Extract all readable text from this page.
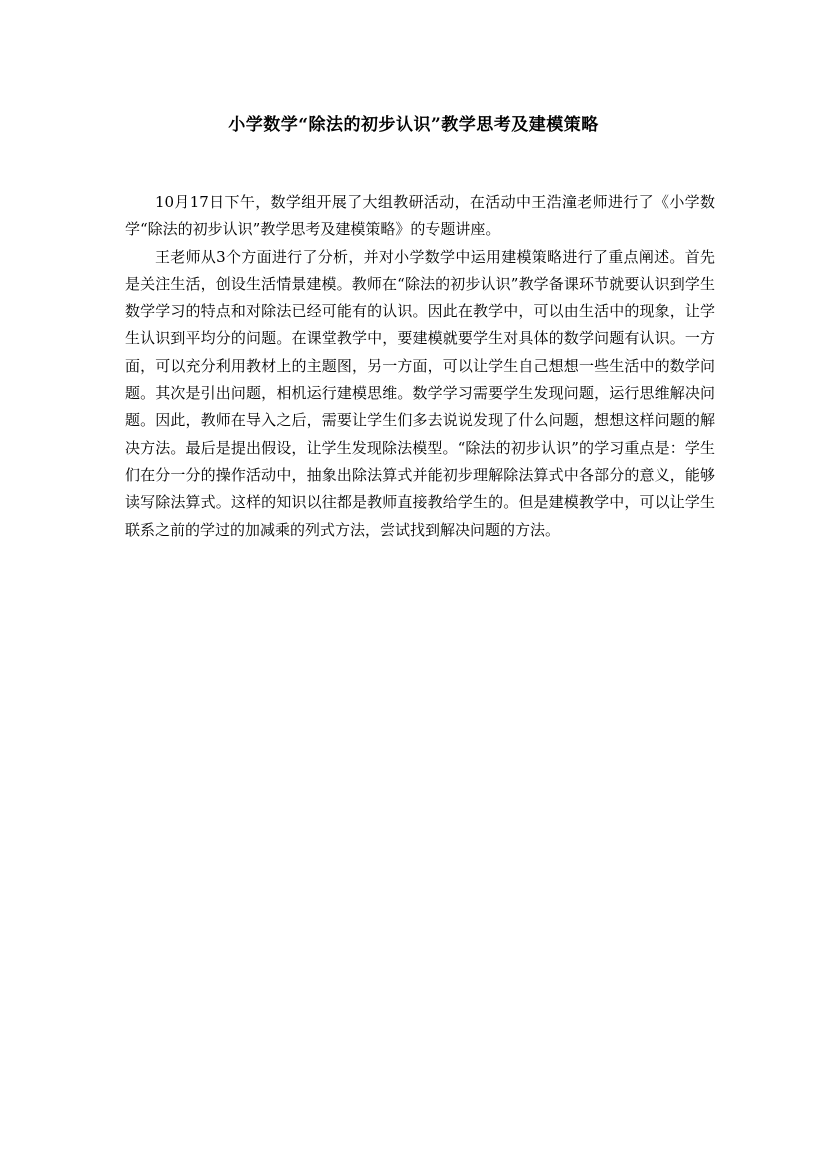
小学数学“除法的初步认识”教学思考及建模策略

10月17日下午，数学组开展了大组教研活动，在活动中王浩潼老师进行了《小学数学“除法的初步认识”教学思考及建模策略》的专题讲座。

王老师从3个方面进行了分析，并对小学数学中运用建模策略进行了重点阐述。首先是关注生活，创设生活情景建模。教师在“除法的初步认识”教学备课环节就要认识到学生数学学习的特点和对除法已经可能有的认识。因此在教学中，可以由生活中的现象，让学生认识到平均分的问题。在课堂教学中，要建模就要学生对具体的数学问题有认识。一方面，可以充分利用教材上的主题图，另一方面，可以让学生自己想想一些生活中的数学问题。其次是引出问题，相机运行建模思维。数学学习需要学生发现问题，运行思维解决问题。因此，教师在导入之后，需要让学生们多去说说发现了什么问题，想想这样问题的解决方法。最后是提出假设，让学生发现除法模型。“除法的初步认识”的学习重点是：学生们在分一分的操作活动中，抽象出除法算式并能初步理解除法算式中各部分的意义，能够读写除法算式。这样的知识以往都是教师直接教给学生的。但是建模教学中，可以让学生联系之前的学过的加减乘的列式方法，尝试找到解决问题的方法。
